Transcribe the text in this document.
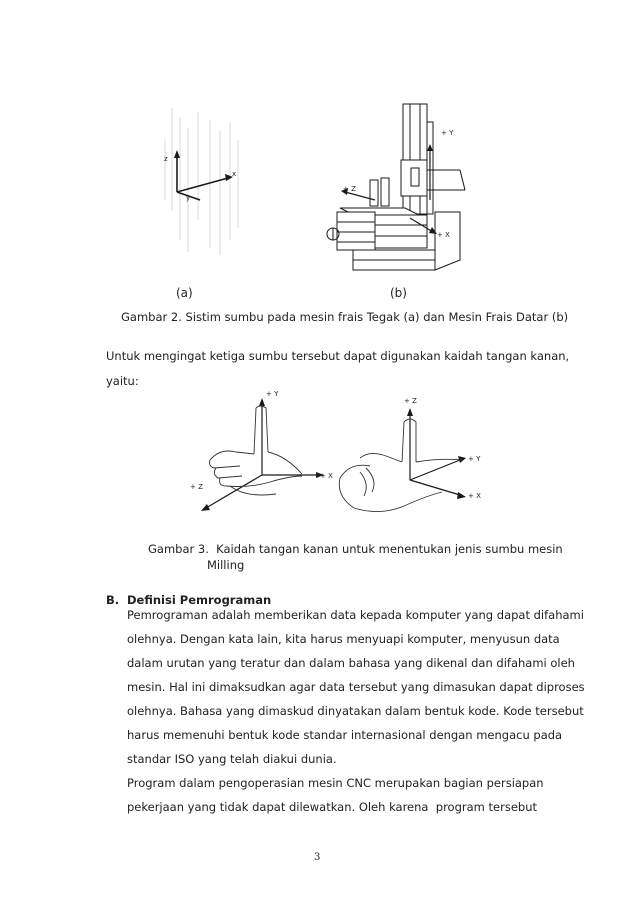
z
x
y
+ Y
+ Z
+ X
(a)	(b)
Gambar 2. Sistim sumbu pada mesin frais Tegak (a) dan Mesin Frais Datar (b)
Untuk mengingat ketiga sumbu tersebut dapat digunakan kaidah tangan kanan,
yaitu:
+ Y
+ Z
+ X
+ Z
+ Y
+ X
Gambar 3.  Kaidah tangan kanan untuk menentukan jenis sumbu mesin
Milling
B. Definisi Pemrograman
Pemrograman adalah memberikan data kepada komputer yang dapat difahami
olehnya. Dengan kata lain, kita harus menyuapi komputer, menyusun data
dalam urutan yang teratur dan dalam bahasa yang dikenal dan difahami oleh
mesin. Hal ini dimaksudkan agar data tersebut yang dimasukan dapat diproses
olehnya. Bahasa yang dimaskud dinyatakan dalam bentuk kode. Kode tersebut
harus memenuhi bentuk kode standar internasional dengan mengacu pada
standar ISO yang telah diakui dunia.
Program dalam pengoperasian mesin CNC merupakan bagian persiapan
pekerjaan yang tidak dapat dilewatkan. Oleh karena  program tersebut
3
